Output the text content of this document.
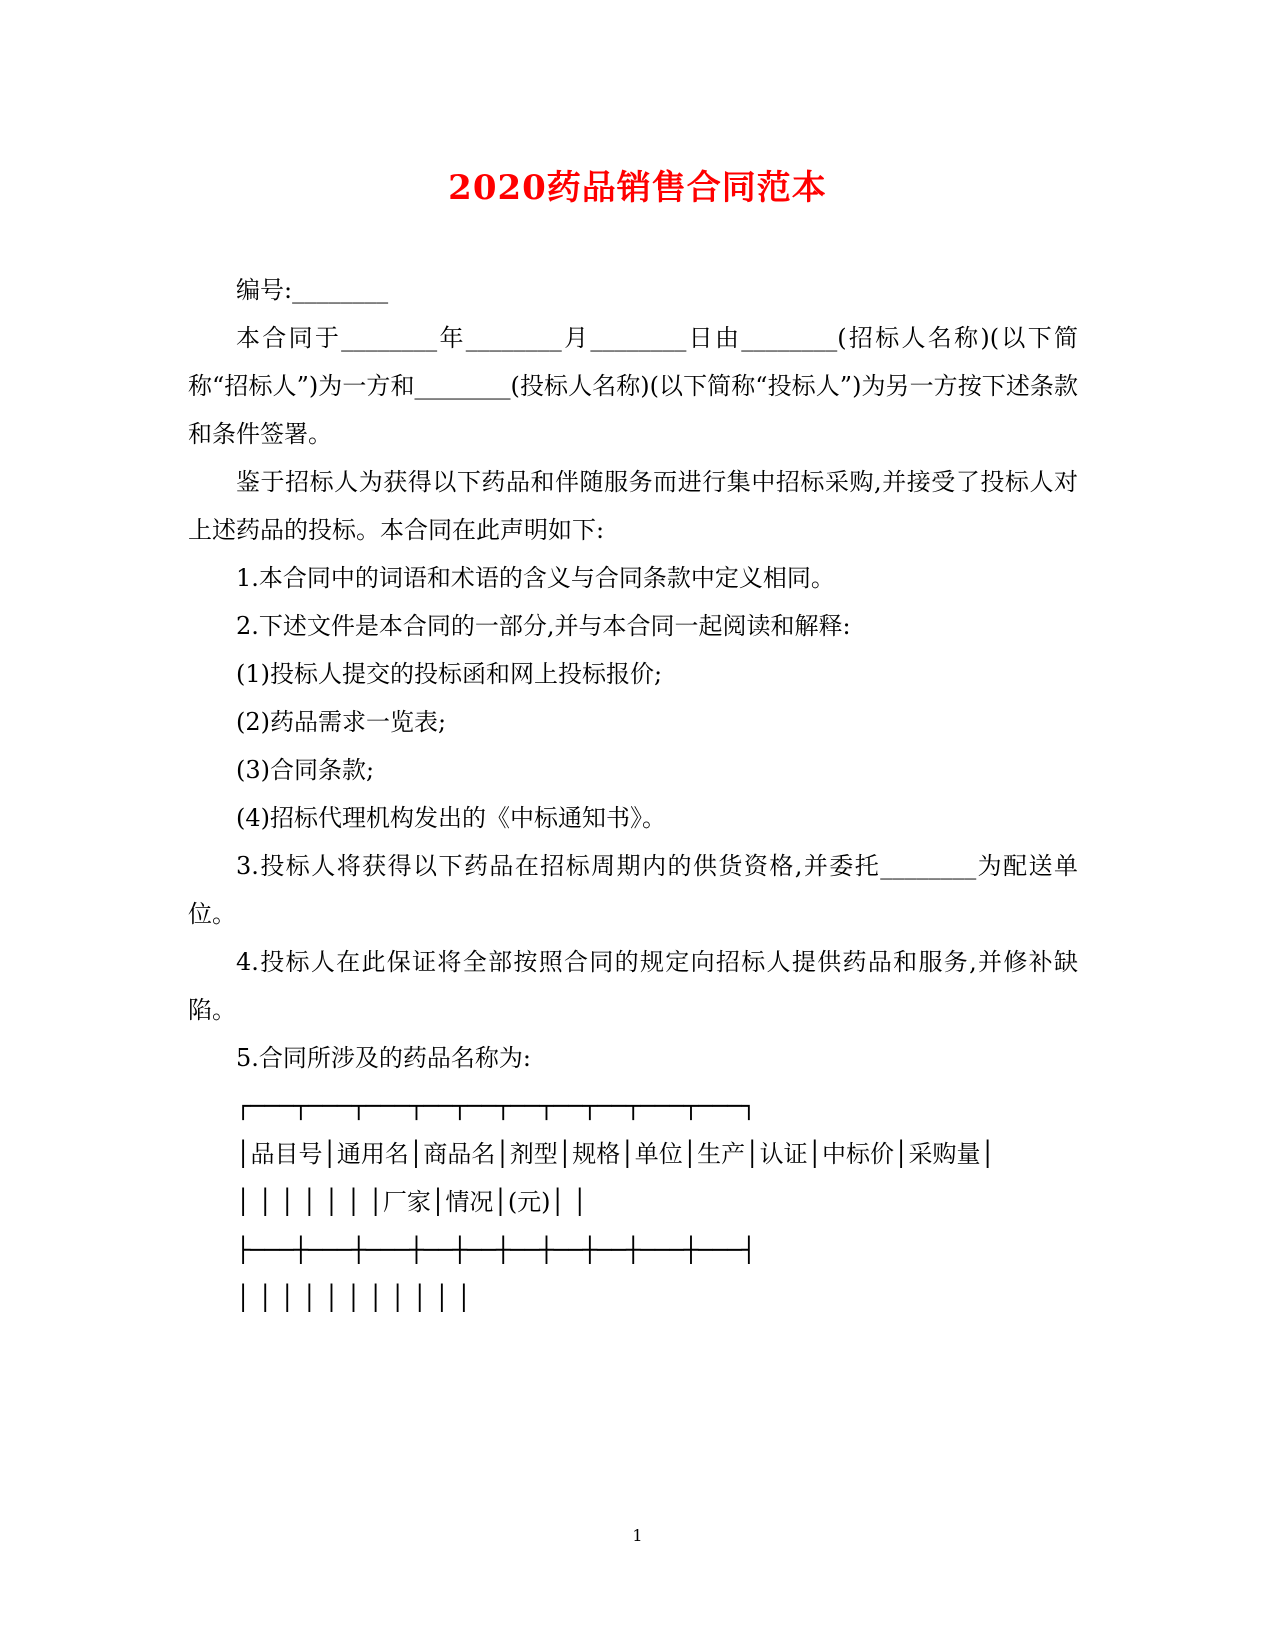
2020药品销售合同范本

编号:________

本合同于________年________月________日由________(招标人名称)(以下简称“招标人”)为一方和________(投标人名称)(以下简称“投标人”)为另一方按下述条款和条件签署。

鉴于招标人为获得以下药品和伴随服务而进行集中招标采购,并接受了投标人对上述药品的投标。本合同在此声明如下:

1.本合同中的词语和术语的含义与合同条款中定义相同。

2.下述文件是本合同的一部分,并与本合同一起阅读和解释:

(1)投标人提交的投标函和网上投标报价;

(2)药品需求一览表;

(3)合同条款;

(4)招标代理机构发出的《中标通知书》。

3.投标人将获得以下药品在招标周期内的供货资格,并委托________为配送单位。

4.投标人在此保证将全部按照合同的规定向招标人提供药品和服务,并修补缺陷。

5.合同所涉及的药品名称为:

┌───┬───┬───┬──┬──┬──┬──┬──┬───┬───┐

│品目号│通用名│商品名│剂型│规格│单位│生产│认证│中标价│采购量│

│ │ │ │ │ │ │厂家│情况│(元)│ │

├───┼───┼───┼──┼──┼──┼──┼──┼───┼───┤

│ │ │ │ │ │ │ │ │ │ │

1
